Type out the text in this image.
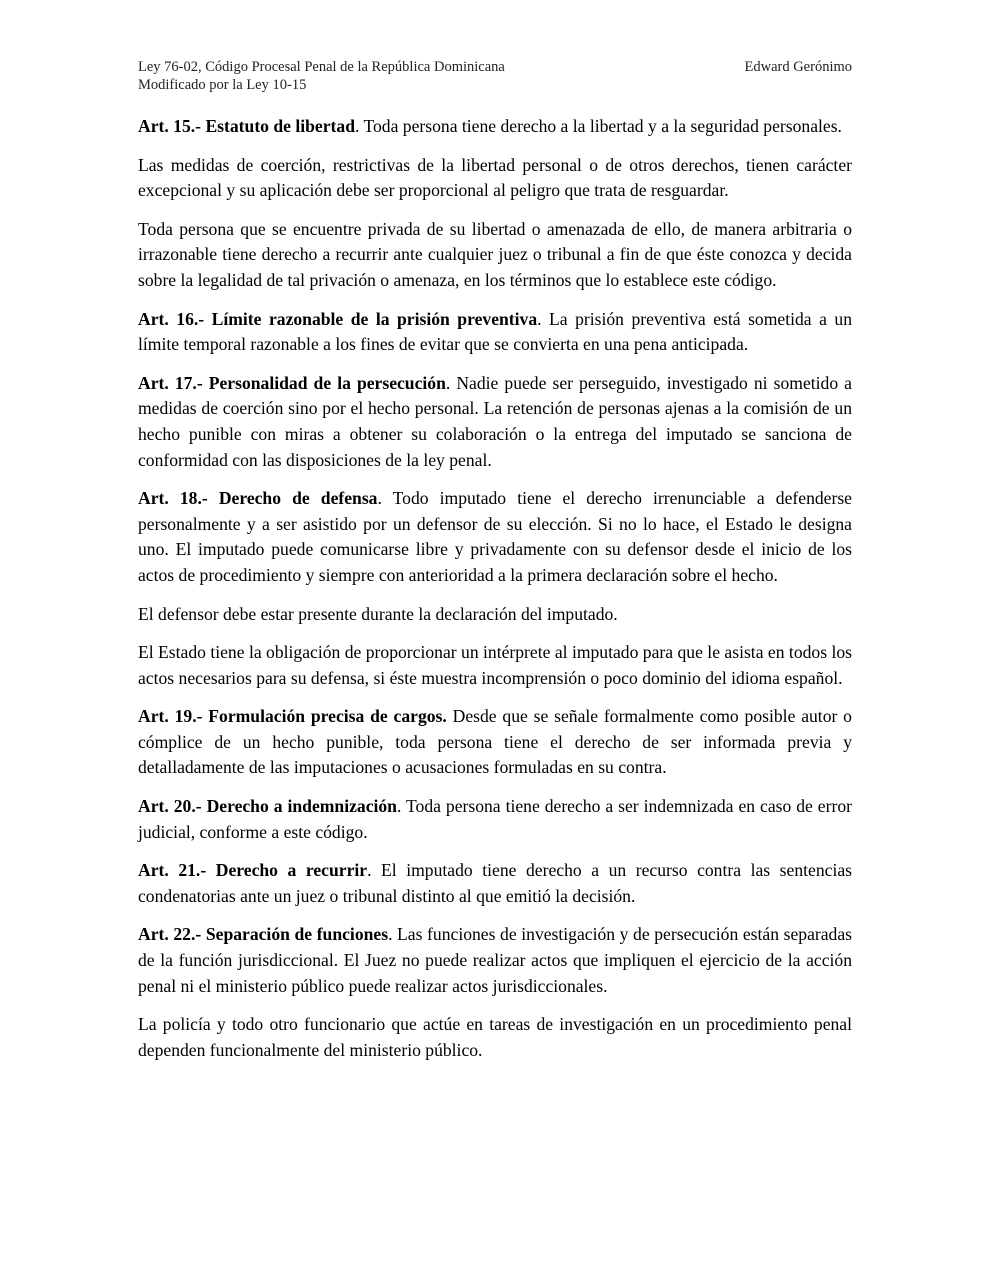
Ley 76-02, Código Procesal Penal de la República Dominicana	Edward Gerónimo
Modificado por la Ley 10-15

Art. 15.- Estatuto de libertad. Toda persona tiene derecho a la libertad y a la seguridad personales.

Las medidas de coerción, restrictivas de la libertad personal o de otros derechos, tienen carácter excepcional y su aplicación debe ser proporcional al peligro que trata de resguardar.

Toda persona que se encuentre privada de su libertad o amenazada de ello, de manera arbitraria o irrazonable tiene derecho a recurrir ante cualquier juez o tribunal a fin de que éste conozca y decida sobre la legalidad de tal privación o amenaza, en los términos que lo establece este código.

Art. 16.- Límite razonable de la prisión preventiva. La prisión preventiva está sometida a un límite temporal razonable a los fines de evitar que se convierta en una pena anticipada.

Art. 17.- Personalidad de la persecución. Nadie puede ser perseguido, investigado ni sometido a medidas de coerción sino por el hecho personal. La retención de personas ajenas a la comisión de un hecho punible con miras a obtener su colaboración o la entrega del imputado se sanciona de conformidad con las disposiciones de la ley penal.

Art. 18.- Derecho de defensa. Todo imputado tiene el derecho irrenunciable a defenderse personalmente y a ser asistido por un defensor de su elección. Si no lo hace, el Estado le designa uno. El imputado puede comunicarse libre y privadamente con su defensor desde el inicio de los actos de procedimiento y siempre con anterioridad a la primera declaración sobre el hecho.

El defensor debe estar presente durante la declaración del imputado.

El Estado tiene la obligación de proporcionar un intérprete al imputado para que le asista en todos los actos necesarios para su defensa, si éste muestra incomprensión o poco dominio del idioma español.

Art. 19.- Formulación precisa de cargos. Desde que se señale formalmente como posible autor o cómplice de un hecho punible, toda persona tiene el derecho de ser informada previa y detalladamente de las imputaciones o acusaciones formuladas en su contra.

Art. 20.- Derecho a indemnización. Toda persona tiene derecho a ser indemnizada en caso de error judicial, conforme a este código.

Art. 21.- Derecho a recurrir. El imputado tiene derecho a un recurso contra las sentencias condenatorias ante un juez o tribunal distinto al que emitió la decisión.

Art. 22.- Separación de funciones. Las funciones de investigación y de persecución están separadas de la función jurisdiccional. El Juez no puede realizar actos que impliquen el ejercicio de la acción penal ni el ministerio público puede realizar actos jurisdiccionales.

La policía y todo otro funcionario que actúe en tareas de investigación en un procedimiento penal dependen funcionalmente del ministerio público.
